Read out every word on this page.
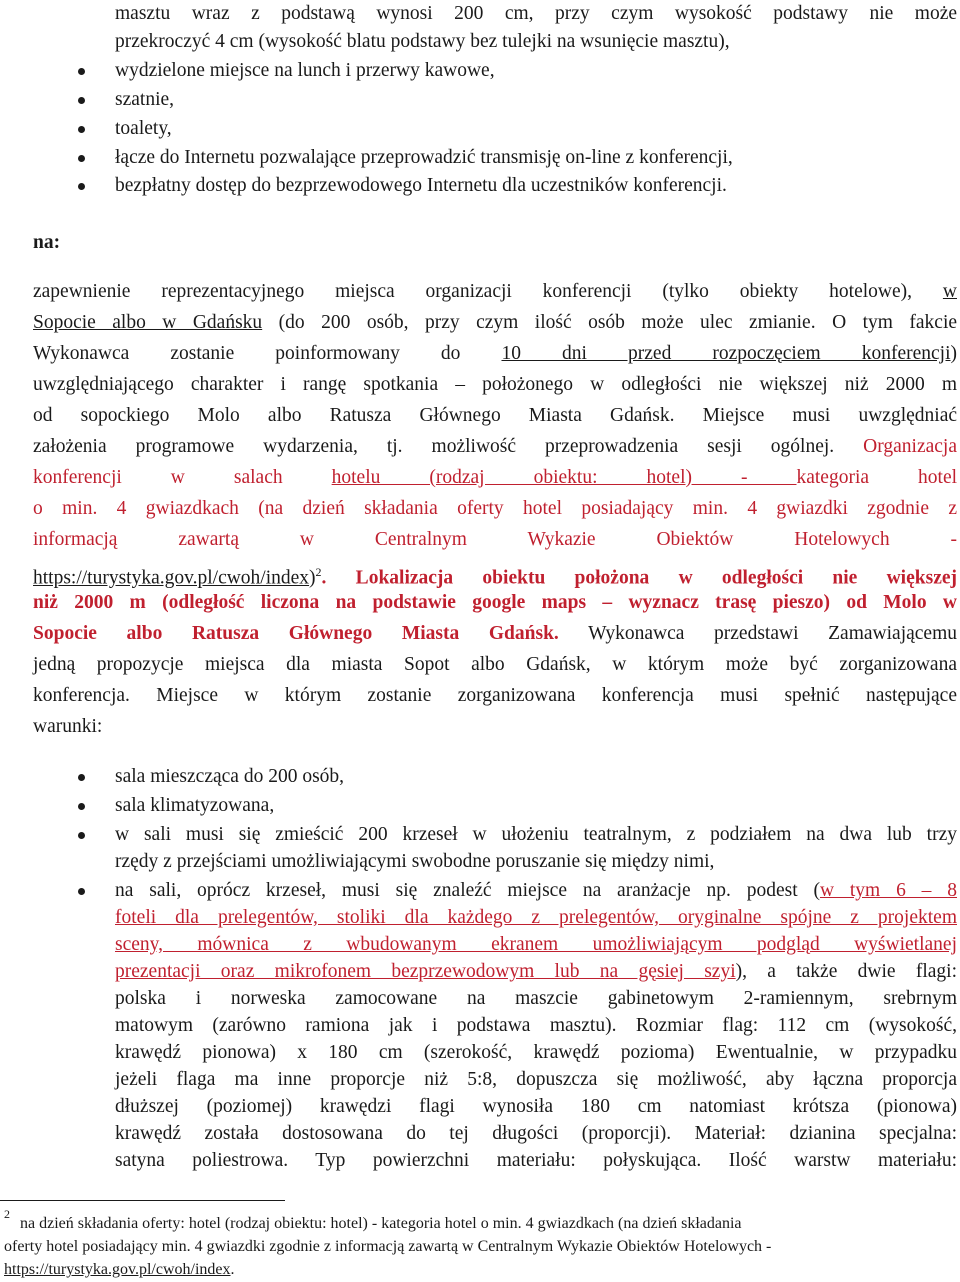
masztu wraz z podstawą wynosi 200 cm, przy czym wysokość podstawy nie może
przekroczyć 4 cm (wysokość blatu podstawy bez tulejki na wsunięcie masztu),
wydzielone miejsce na lunch i przerwy kawowe,
szatnie,
toalety,
łącze do Internetu pozwalające przeprowadzić transmisję on-line z konferencji,
bezpłatny dostęp do bezprzewodowego Internetu dla uczestników konferencji.
na:
zapewnienie reprezentacyjnego miejsca organizacji konferencji (tylko obiekty hotelowe), w
Sopocie albo w Gdańsku (do 200 osób, przy czym ilość osób może ulec zmianie. O tym fakcie
Wykonawca zostanie poinformowany do 10 dni przed rozpoczęciem konferencji)
uwzględniającego charakter i rangę spotkania – położonego w odległości nie większej niż 2000 m
od sopockiego Molo albo Ratusza Głównego Miasta Gdańsk. Miejsce musi uwzględniać
założenia programowe wydarzenia, tj. możliwość przeprowadzenia sesji ogólnej. Organizacja
konferencji w salach	hotelu (rodzaj obiektu: hotel) - kategoria hotel
o min. 4 gwiazdkach (na dzień składania oferty hotel posiadający min. 4 gwiazdki zgodnie z
informacją zawartą w Centralnym Wykazie Obiektów Hotelowych -
https://turystyka.gov.pl/cwoh/index)$^2$. Lokalizacja obiektu położona w odległości nie większej
niż 2000 m (odległość liczona na podstawie google maps – wyznacz trasę pieszo) od Molo w
Sopocie albo Ratusza Głównego Miasta Gdańsk. Wykonawca przedstawi Zamawiającemu
jedną propozycje miejsca dla miasta Sopot albo Gdańsk, w którym może być zorganizowana
konferencja. Miejsce w którym zostanie zorganizowana konferencja musi spełnić następujące
warunki:
sala mieszcząca do 200 osób,
sala klimatyzowana,
w sali musi się zmieścić 200 krzeseł w ułożeniu teatralnym, z podziałem na dwa lub trzy
rzędy z przejściami umożliwiającymi swobodne poruszanie się między nimi,
na sali, oprócz krzeseł, musi się znaleźć miejsce na aranżacje np. podest (w tym 6 – 8
foteli dla prelegentów, stoliki dla każdego z prelegentów, oryginalne spójne z projektem
sceny, mównica z wbudowanym ekranem umożliwiającym podgląd wyświetlanej
prezentacji oraz mikrofonem bezprzewodowym lub na gęsiej szyi), a także dwie flagi:
polska i norweska zamocowane na maszcie gabinetowym 2-ramiennym, srebrnym
matowym (zarówno ramiona jak i podstawa masztu). Rozmiar flag: 112 cm (wysokość,
krawędź pionowa) x 180 cm (szerokość, krawędź pozioma) Ewentualnie, w przypadku
jeżeli flaga ma inne proporcje niż 5:8, dopuszcza się możliwość, aby łączna proporcja
dłuższej (poziomej) krawędzi flagi wynosiła 180 cm natomiast krótsza (pionowa)
krawędź została dostosowana do tej długości (proporcji). Materiał: dzianina specjalna:
satyna poliestrowa. Typ powierzchni materiału: połyskująca. Ilość warstw materiału:
2
na dzień składania oferty: hotel (rodzaj obiektu: hotel) - kategoria hotel o min. 4 gwiazdkach (na dzień składania
oferty hotel posiadający min. 4 gwiazdki zgodnie z informacją zawartą w Centralnym Wykazie Obiektów Hotelowych -
https://turystyka.gov.pl/cwoh/index.
